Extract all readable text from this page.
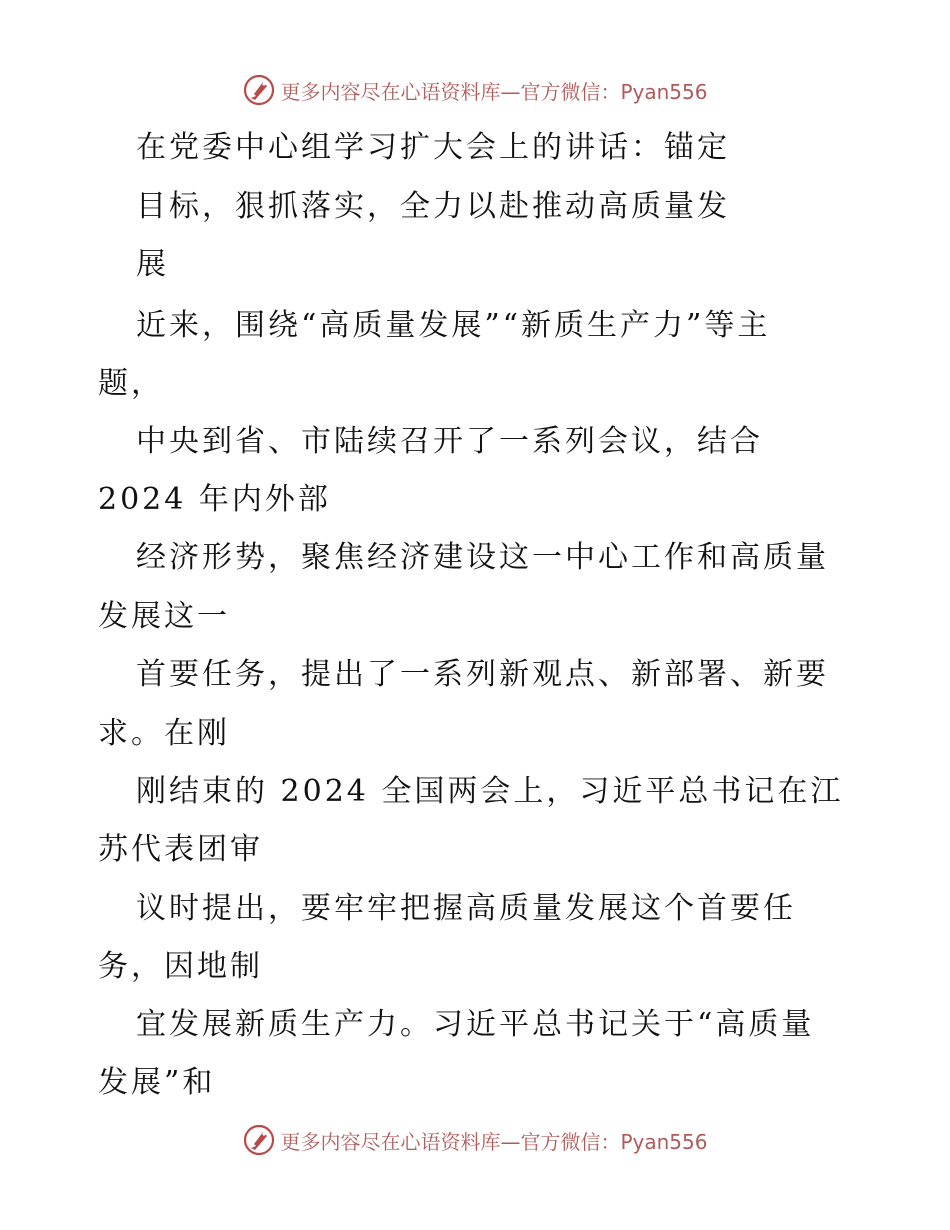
更多内容尽在心语资料库—官方微信：Pyan556
在党委中心组学习扩大会上的讲话：锚定
目标，狠抓落实，全力以赴推动高质量发
展
近来，围绕“高质量发展”“新质生产力”等主
题，
中央到省、市陆续召开了一系列会议，结合
2024 年内外部
经济形势，聚焦经济建设这一中心工作和高质量
发展这一
首要任务，提出了一系列新观点、新部署、新要
求。在刚
刚结束的 2024 全国两会上，习近平总书记在江
苏代表团审
议时提出，要牢牢把握高质量发展这个首要任
务，因地制
宜发展新质生产力。习近平总书记关于“高质量
发展”和
更多内容尽在心语资料库—官方微信：Pyan556
